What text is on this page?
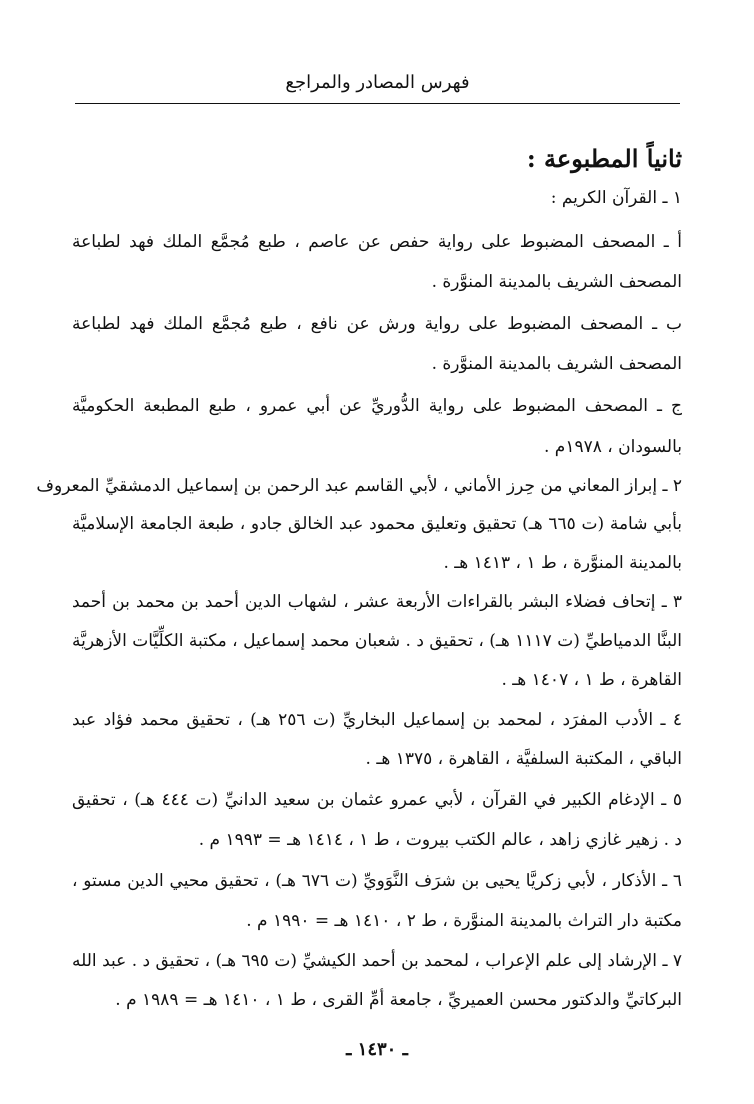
فهرس المصادر والمراجع
ثانياً المطبوعة :
١ ـ القرآن الكريم :
أ ـ المصحف المضبوط على رواية حفص عن عاصم ، طبع مُجمَّع الملك فهد لطباعة
المصحف الشريف بالمدينة المنوَّرة .
ب ـ المصحف المضبوط على رواية ورش عن نافع ، طبع مُجمَّع الملك فهد لطباعة
المصحف الشريف بالمدينة المنوَّرة .
ج ـ المصحف المضبوط على رواية الدُّوريِّ عن أبي عمرو ، طبع المطبعة الحكوميَّة
بالسودان ، ١٩٧٨م .
٢ ـ إبراز المعاني من حِرز الأماني ، لأبي القاسم عبد الرحمن بن إسماعيل الدمشقيِّ المعروف
بأبي شامة (ت ٦٦٥ هـ) تحقيق وتعليق محمود عبد الخالق جادو ، طبعة الجامعة الإسلاميَّة
بالمدينة المنوَّرة ، ط ١ ، ١٤١٣ هـ .
٣ ـ إتحاف فضلاء البشر بالقراءات الأربعة عشر ، لشهاب الدين أحمد بن محمد بن أحمد
البنَّا الدمياطيِّ (ت ١١١٧ هـ) ، تحقيق د . شعبان محمد إسماعيل ، مكتبة الكلِّيَّات الأزهريَّة
القاهرة ، ط ١ ، ١٤٠٧ هـ .
٤ ـ الأدب المفرَد ، لمحمد بن إسماعيل البخاريِّ (ت ٢٥٦ هـ) ، تحقيق محمد فؤاد عبد
الباقي ، المكتبة السلفيَّة ، القاهرة ، ١٣٧٥ هـ .
٥ ـ الإدغام الكبير في القرآن ، لأبي عمرو عثمان بن سعيد الدانيِّ (ت ٤٤٤ هـ) ، تحقيق
د . زهير غازي زاهد ، عالم الكتب بيروت ، ط ١ ، ١٤١٤ هـ = ١٩٩٣ م .
٦ ـ الأذكار ، لأبي زكريَّا يحيى بن شرَف النَّوَويِّ (ت ٦٧٦ هـ) ، تحقيق محيي الدين مستو ،
مكتبة دار التراث بالمدينة المنوَّرة ، ط ٢ ، ١٤١٠ هـ = ١٩٩٠ م .
٧ ـ الإرشاد إلى علم الإعراب ، لمحمد بن أحمد الكيشيِّ (ت ٦٩٥ هـ) ، تحقيق د . عبد الله
البركاتيِّ والدكتور محسن العميريِّ ، جامعة أمِّ القرى ، ط ١ ، ١٤١٠ هـ = ١٩٨٩ م .
ـ ١٤٣٠ ـ
